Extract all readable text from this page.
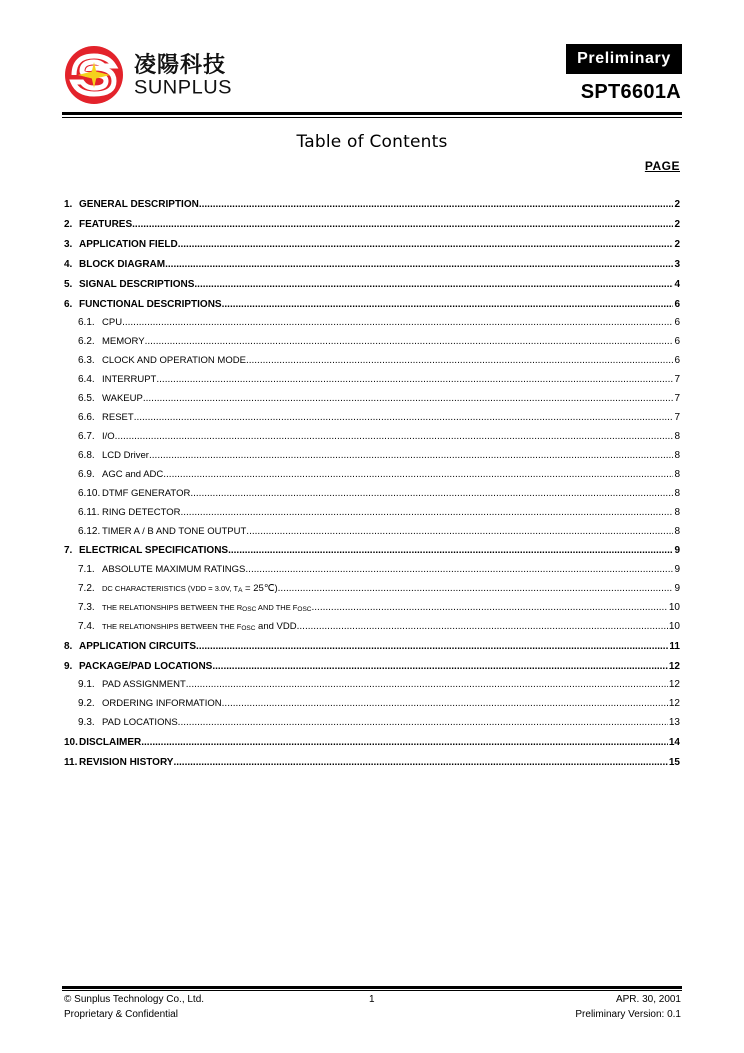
凌陽科技
SUNPLUS
Preliminary
SPT6601A
Table of Contents
PAGE
1. GENERAL DESCRIPTION .....	2
2. FEATURES .....	2
3. APPLICATION FIELD .....	2
4. BLOCK DIAGRAM .....	3
5. SIGNAL DESCRIPTIONS .....	4
6. FUNCTIONAL DESCRIPTIONS .....	6
6.1. CPU .....	6
6.2. MEMORY .....	6
6.3. CLOCK AND OPERATION MODE .....	6
6.4. INTERRUPT .....	7
6.5. WAKEUP .....	7
6.6. RESET .....	7
6.7. I/O .....	8
6.8. LCD Driver .....	8
6.9. AGC and ADC .....	8
6.10. DTMF GENERATOR .....	8
6.11. RING DETECTOR .....	8
6.12. TIMER A / B AND TONE OUTPUT .....	8
7. ELECTRICAL SPECIFICATIONS .....	9
7.1. ABSOLUTE MAXIMUM RATINGS .....	9
7.2. DC CHARACTERISTICS (VDD = 3.0V, $T_A$ = 25℃) .....	9
7.3. THE RELATIONSHIPS BETWEEN THE $R_{OSC}$ AND THE $F_{OSC}$ .....	10
7.4. THE RELATIONSHIPS BETWEEN THE $F_{OSC}$ and VDD .....	10
8. APPLICATION CIRCUITS .....	11
9. PACKAGE/PAD LOCATIONS .....	12
9.1. PAD ASSIGNMENT .....	12
9.2. ORDERING INFORMATION .....	12
9.3. PAD LOCATIONS .....	13
10. DISCLAIMER .....	14
11. REVISION HISTORY .....	15
© Sunplus Technology Co., Ltd.
Proprietary & Confidential
1	APR. 30, 2001
Preliminary Version: 0.1
